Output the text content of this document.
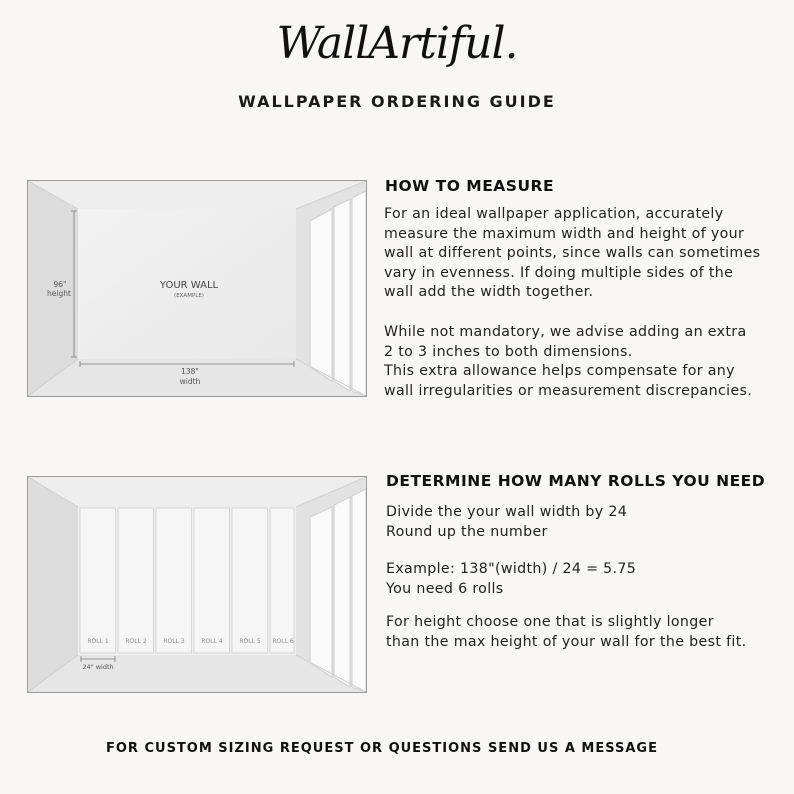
WallArtiful.
WALLPAPER ORDERING GUIDE
YOUR WALL
(EXAMPLE)
96"
height
138"
width
HOW TO MEASURE

For an ideal wallpaper application, accurately

measure the maximum width and height of your

wall at different points, since walls can sometimes

vary in evenness. If doing multiple sides of the

wall add the width together.

While not mandatory, we advise adding an extra

2 to 3 inches to both dimensions.

This extra allowance helps compensate for any

wall irregularities or measurement discrepancies.

ROLL 1	ROLL 2	ROLL 3	ROLL 4	ROLL 5 ROLL 6
24" width
DETERMINE HOW MANY ROLLS YOU NEED

Divide the your wall width by 24

Round up the number

Example: 138"(width) / 24 = 5.75

You need 6 rolls

For height choose one that is slightly longer

than the max height of your wall for the best fit.

FOR CUSTOM SIZING REQUEST OR QUESTIONS SEND US A MESSAGE
